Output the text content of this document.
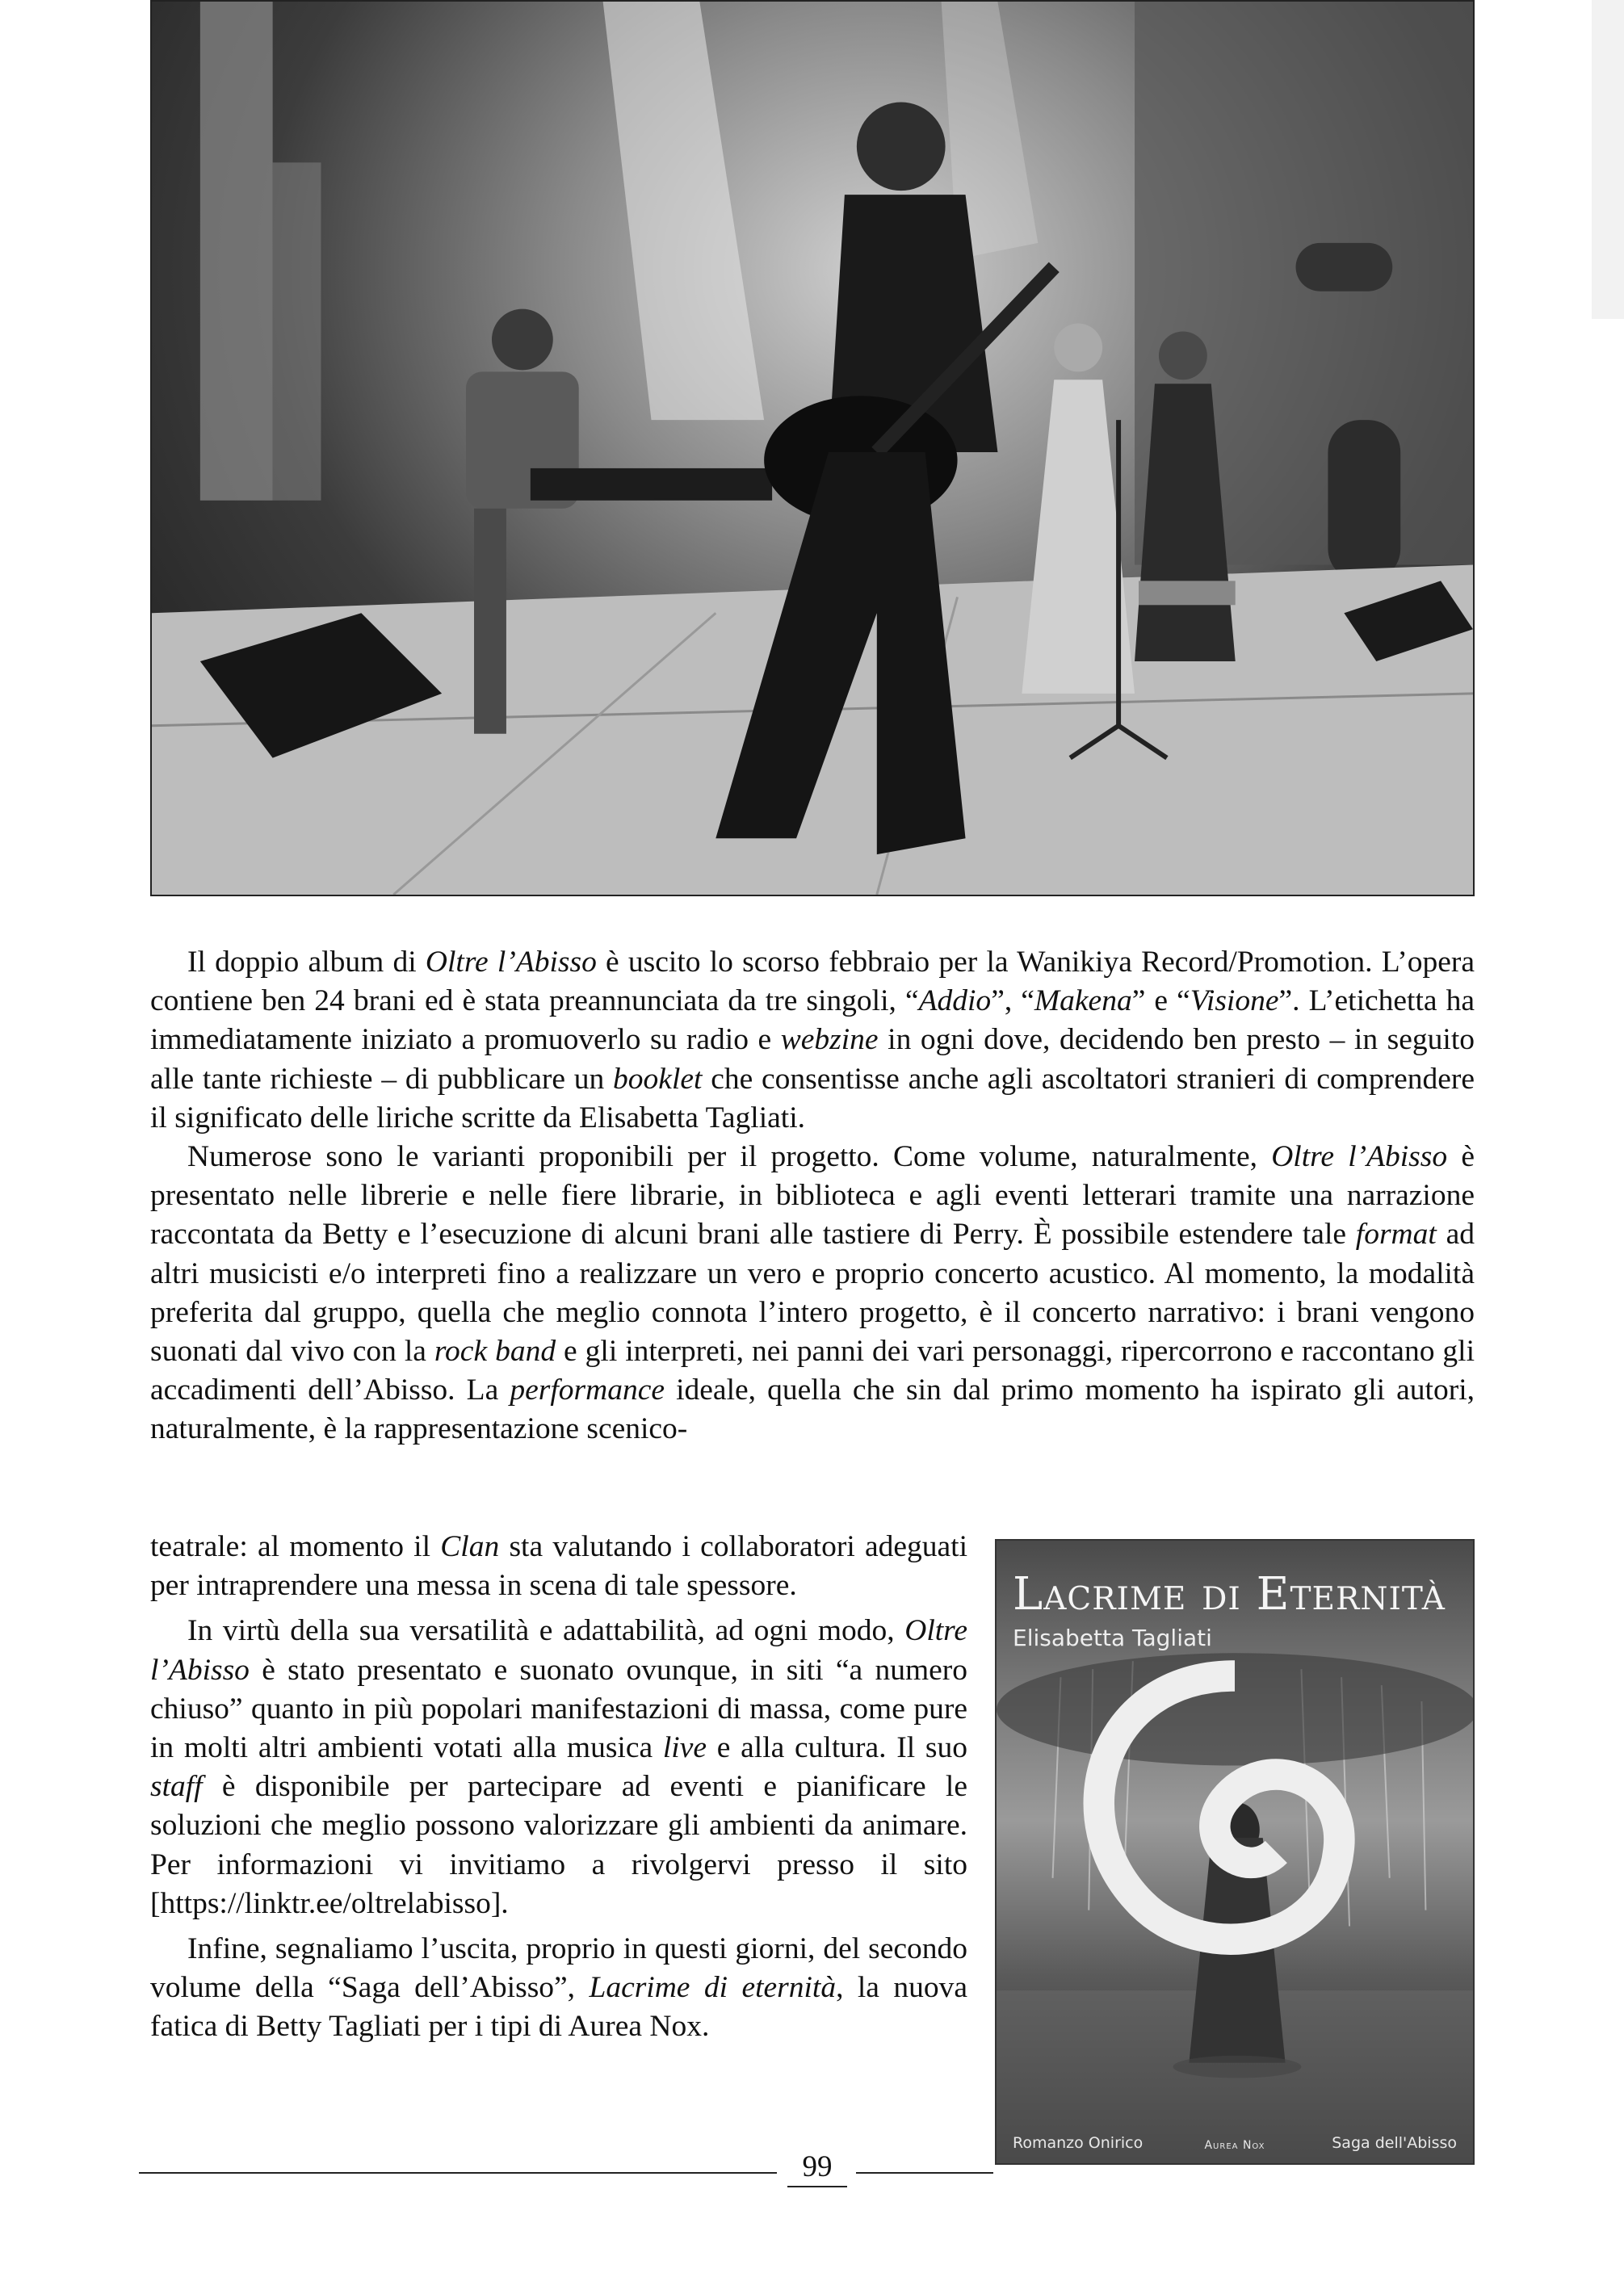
Il doppio album di Oltre l’Abisso è uscito lo scorso febbraio per la Wanikiya Record/Promotion. L’opera contiene ben 24 brani ed è stata preannunciata da tre singoli, “Addio”, “Makena” e “Visione”. L’etichetta ha immediatamente iniziato a promuoverlo su radio e webzine in ogni dove, decidendo ben presto – in seguito alle tante richieste – di pubblicare un booklet che consentisse anche agli ascoltatori stranieri di comprendere il significato delle liriche scritte da Elisabetta Tagliati.

Numerose sono le varianti proponibili per il progetto. Come volume, naturalmente, Oltre l’Abisso è presentato nelle librerie e nelle fiere librarie, in biblioteca e agli eventi letterari tramite una narrazione raccontata da Betty e l’esecuzione di alcuni brani alle tastiere di Perry. È possibile estendere tale format ad altri musicisti e/o interpreti fino a realizzare un vero e proprio concerto acustico. Al momento, la modalità preferita dal gruppo, quella che meglio connota l’intero progetto, è il concerto narrativo: i brani vengono suonati dal vivo con la rock band e gli interpreti, nei panni dei vari personaggi, ripercorrono e raccontano gli accadimenti dell’Abisso. La performance ideale, quella che sin dal primo momento ha ispirato gli autori, naturalmente, è la rappresentazione scenico-

teatrale: al momento il Clan sta valutando i collaboratori adeguati per intraprendere una messa in scena di tale spessore.

In virtù della sua versatilità e adattabilità, ad ogni modo, Oltre l’Abisso è stato presentato e suonato ovunque, in siti “a numero chiuso” quanto in più popolari manifestazioni di massa, come pure in molti altri ambienti votati alla musica live e alla cultura. Il suo staff è disponibile per partecipare ad eventi e pianificare le soluzioni che meglio possono valorizzare gli ambienti da animare. Per informazioni vi invitiamo a rivolgervi presso il sito [https://linktr.ee/oltrelabisso].

Infine, segnaliamo l’uscita, proprio in questi giorni, del secondo volume della “Saga dell’Abisso”, Lacrime di eternità, la nuova fatica di Betty Tagliati per i tipi di Aurea Nox.

Lacrime di Eternità
Elisabetta Tagliati
Romanzo Onirico	Aurea Nox	Saga dell'Abisso
99
